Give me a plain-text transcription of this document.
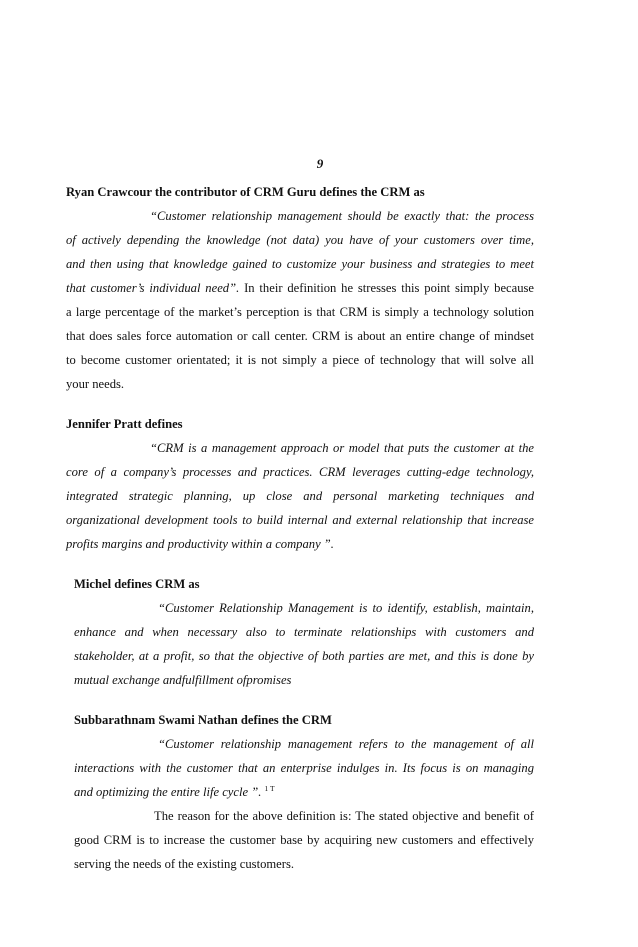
9
Ryan Crawcour the contributor of CRM Guru defines the CRM as
“Customer relationship management should be exactly that: the process
of actively depending the knowledge (not data) you have of your customers over time,
and then using that knowledge gained to customize your business and strategies to meet
that customer’s individual need”. In their definition he stresses this point simply because
a large percentage of the market’s perception is that CRM is simply a technology solution
that does sales force automation or call center. CRM is about an entire change of mindset
to become customer orientated; it is not simply a piece of technology that will solve all
your needs.
Jennifer Pratt defines
“CRM is a management approach or model that puts the customer at the
core of a company’s processes and practices. CRM leverages cutting-edge technology,
integrated strategic planning, up close and personal marketing techniques and
organizational development tools to build internal and external relationship that increase
profits margins and productivity within a company ”.
Michel defines CRM as
“Customer Relationship Management is to identify, establish, maintain,
enhance and when necessary also to terminate relationships with customers and
stakeholder, at a profit, so that the objective of both parties are met, and this is done by
mutual exchange andfulfillment ofpromises
Subbarathnam Swami Nathan defines the CRM
“Customer relationship management refers to the management of all
interactions with the customer that an enterprise indulges in. Its focus is on managing
and optimizing the entire life cycle ”. $^{1 T}$
The reason for the above definition is: The stated objective and benefit of
good CRM is to increase the customer base by acquiring new customers and effectively
serving the needs of the existing customers.
